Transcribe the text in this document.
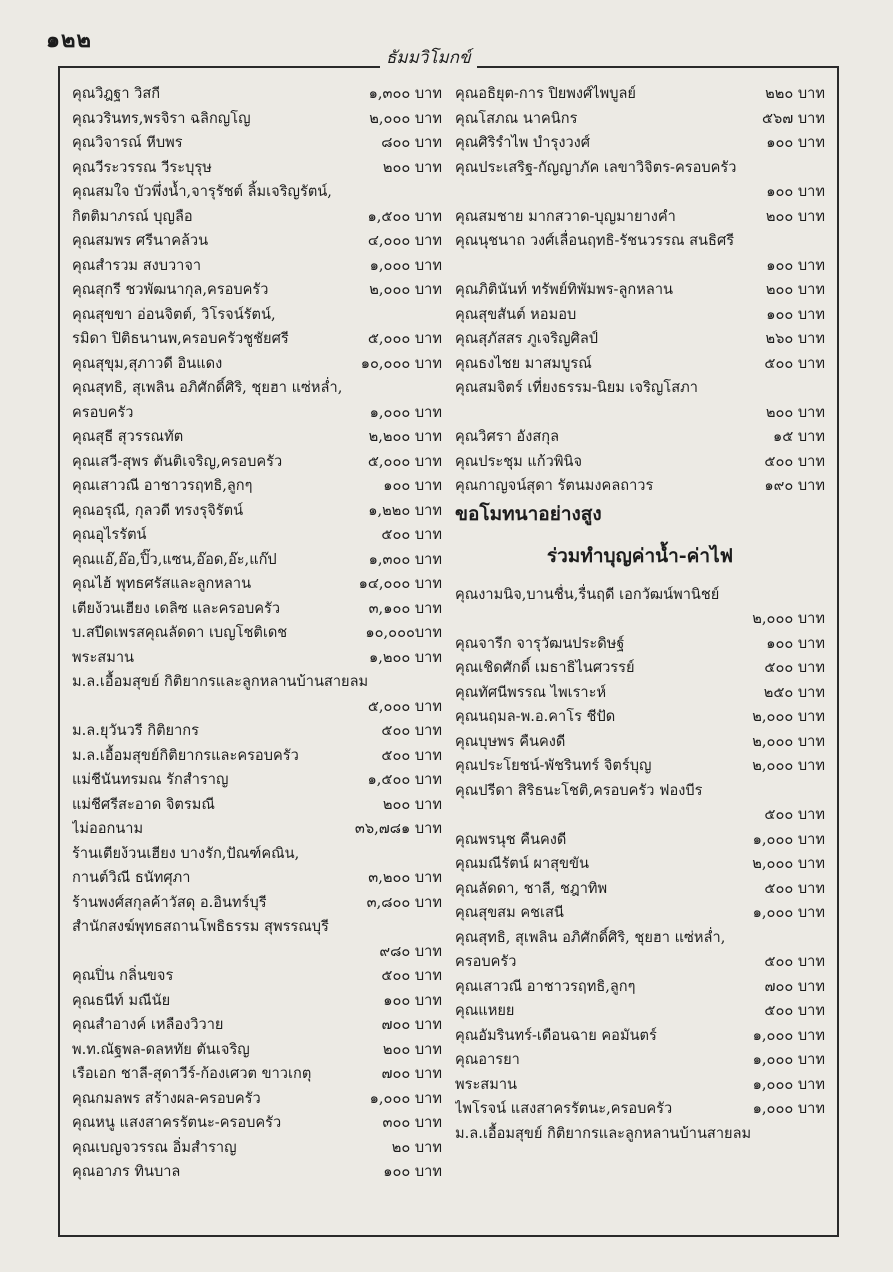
๑๒๒
ธัมมวิโมกข์
คุณวิฎฐา วิสกี	๑,๓๐๐ บาท
คุณวรินทร,พรจิรา ฉลิกญโญ	๒,๐๐๐ บาท
คุณวิจารณ์ หีบพร	๘๐๐ บาท
คุณวีระวรรณ วีระบุรุษ	๒๐๐ บาท
คุณสมใจ บัวพึ่งน้ำ,จารุรัชต์ ลิ้มเจริญรัตน์,
กิตติมาภรณ์ บุญลือ	๑,๕๐๐ บาท
คุณสมพร ศรีนาคล้วน	๔,๐๐๐ บาท
คุณสำรวม สงบวาจา	๑,๐๐๐ บาท
คุณสุกรี ชวพัฒนากุล,ครอบครัว	๒,๐๐๐ บาท
คุณสุขขา อ่อนจิตต์, วิโรจน์รัตน์,
รมิดา ปิติธนานพ,ครอบครัวชูชัยศรี	๕,๐๐๐ บาท
คุณสุขุม,สุภาวดี อินแดง	๑๐,๐๐๐ บาท
คุณสุทธิ, สุเพลิน อภิศักดิ์ศิริ, ชุยฮา แซ่หล่ำ,
ครอบครัว	๑,๐๐๐ บาท
คุณสุธี สุวรรณทัต	๒,๒๐๐ บาท
คุณเสวี-สุพร ตันติเจริญ,ครอบครัว	๕,๐๐๐ บาท
คุณเสาวณี อาชาวรฤทธิ,ลูกๆ	๑๐๐ บาท
คุณอรุณี, กุลวดี ทรงรุจิรัตน์	๑,๒๒๐ บาท
คุณอุไรรัตน์	๕๐๐ บาท
คุณแอ๊,อ๊อ,ปิ๊ว,แซน,อ๊อด,อ๊ะ,แก๊ป	๑,๓๐๐ บาท
คุณไฮ้ พุทธศรัสและลูกหลาน	๑๔,๐๐๐ บาท
เตียง้วนเฮียง เดลิซ และครอบครัว	๓,๑๐๐ บาท
บ.สปีดเพรสคุณลัดดา เบญโชติเดช	๑๐,๐๐๐บาท
พระสมาน	๑,๒๐๐ บาท
ม.ล.เอื้อมสุขย์ กิติยากรและลูกหลานบ้านสายลม
๕,๐๐๐ บาท
ม.ล.ยุวันวรี กิติยากร	๕๐๐ บาท
ม.ล.เอื้อมสุขย์กิติยากรและครอบครัว	๕๐๐ บาท
แม่ชีนันทรมณ รักสำราญ	๑,๕๐๐ บาท
แม่ชีศรีสะอาด จิตรมณี	๒๐๐ บาท
ไม่ออกนาม	๓๖,๗๘๑ บาท
ร้านเตียง้วนเฮียง บางรัก,ปัณฑ์คณิน,
กานต์วิณี ธนัทศุภา	๓,๒๐๐ บาท
ร้านพงศ์สกุลค้าวัสดุ อ.อินทร์บุรี	๓,๘๐๐ บาท
สำนักสงฆ์พุทธสถานโพธิธรรม สุพรรณบุรี
๙๘๐ บาท
คุณปิ่น กลิ่นขจร	๕๐๐ บาท
คุณธนีท์ มณีนัย	๑๐๐ บาท
คุณสำอางค์ เหลืองวิวาย	๗๐๐ บาท
พ.ท.ณัฐพล-ดลหทัย ตันเจริญ	๒๐๐ บาท
เรือเอก ชาลี-สุดาวีร์-ก้องเศวต ขาวเกตุ	๗๐๐ บาท
คุณกมลพร สร้างผล-ครอบครัว	๑,๐๐๐ บาท
คุณหนู แสงสาครรัตนะ-ครอบครัว	๓๐๐ บาท
คุณเบญจวรรณ อิ่มสำราญ	๒๐ บาท
คุณอาภร ทินบาล	๑๐๐ บาท
คุณอธิยุต-การ ปิยพงศ์ไพบูลย์	๒๒๐ บาท
คุณโสภณ นาคนิกร	๕๖๗ บาท
คุณศิริรำไพ บำรุงวงศ์	๑๐๐ บาท
คุณประเสริฐ-กัญญาภัค เลขาวิจิตร-ครอบครัว
๑๐๐ บาท
คุณสมชาย มากสวาด-บุญมายางคำ	๒๐๐ บาท
คุณนุชนาถ วงศ์เลื่อนฤทธิ-รัชนวรรณ สนธิศรี
๑๐๐ บาท
คุณภิตินันท์ ทรัพย์ทิพัมพร-ลูกหลาน	๒๐๐ บาท
คุณสุขสันต์ หอมอบ	๑๐๐ บาท
คุณสุภัสสร ภูเจริญศิลป์	๒๖๐ บาท
คุณธงไชย มาสมบูรณ์	๕๐๐ บาท
คุณสมจิตร์ เที่ยงธรรม-นิยม เจริญโสภา
๒๐๐ บาท
คุณวิศรา อังสกุล	๑๕ บาท
คุณประชุม แก้วพินิจ	๕๐๐ บาท
คุณกาญจน์สุดา รัตนมงคลถาวร	๑๙๐ บาท
ขอโมทนาอย่างสูง
ร่วมทำบุญค่าน้ำ-ค่าไฟ
คุณงามนิจ,บานชื่น,รื่นฤดี เอกวัฒน์พานิชย์
๒,๐๐๐ บาท
คุณจารีก จารุวัฒนประดิษฐ์	๑๐๐ บาท
คุณเชิดศักดิ์ เมธาธิไนศวรรย์	๕๐๐ บาท
คุณทัศนีพรรณ ไพเราะห์	๒๕๐ บาท
คุณนฤมล-พ.อ.คาโร ชีปัด	๒,๐๐๐ บาท
คุณบุษพร คืนคงดี	๒,๐๐๐ บาท
คุณประโยชน์-พัชรินทร์ จิตร์บุญ	๒,๐๐๐ บาท
คุณปรีดา สิริธนะโชติ,ครอบครัว ฟองบีร
๕๐๐ บาท
คุณพรนุช คืนคงดี	๑,๐๐๐ บาท
คุณมณีรัตน์ ผาสุขขัน	๒,๐๐๐ บาท
คุณลัดดา, ชาลี, ชฎาทิพ	๕๐๐ บาท
คุณสุขสม คชเสนี	๑,๐๐๐ บาท
คุณสุทธิ, สุเพลิน อภิศักดิ์ศิริ, ชุยฮา แซ่หล่ำ,
ครอบครัว	๕๐๐ บาท
คุณเสาวณี อาชาวรฤทธิ,ลูกๆ	๗๐๐ บาท
คุณแหยย	๕๐๐ บาท
คุณอัมรินทร์-เดือนฉาย คอมันตร์	๑,๐๐๐ บาท
คุณอารยา	๑,๐๐๐ บาท
พระสมาน	๑,๐๐๐ บาท
ไพโรจน์ แสงสาครรัตนะ,ครอบครัว	๑,๐๐๐ บาท
ม.ล.เอื้อมสุขย์ กิติยากรและลูกหลานบ้านสายลม
